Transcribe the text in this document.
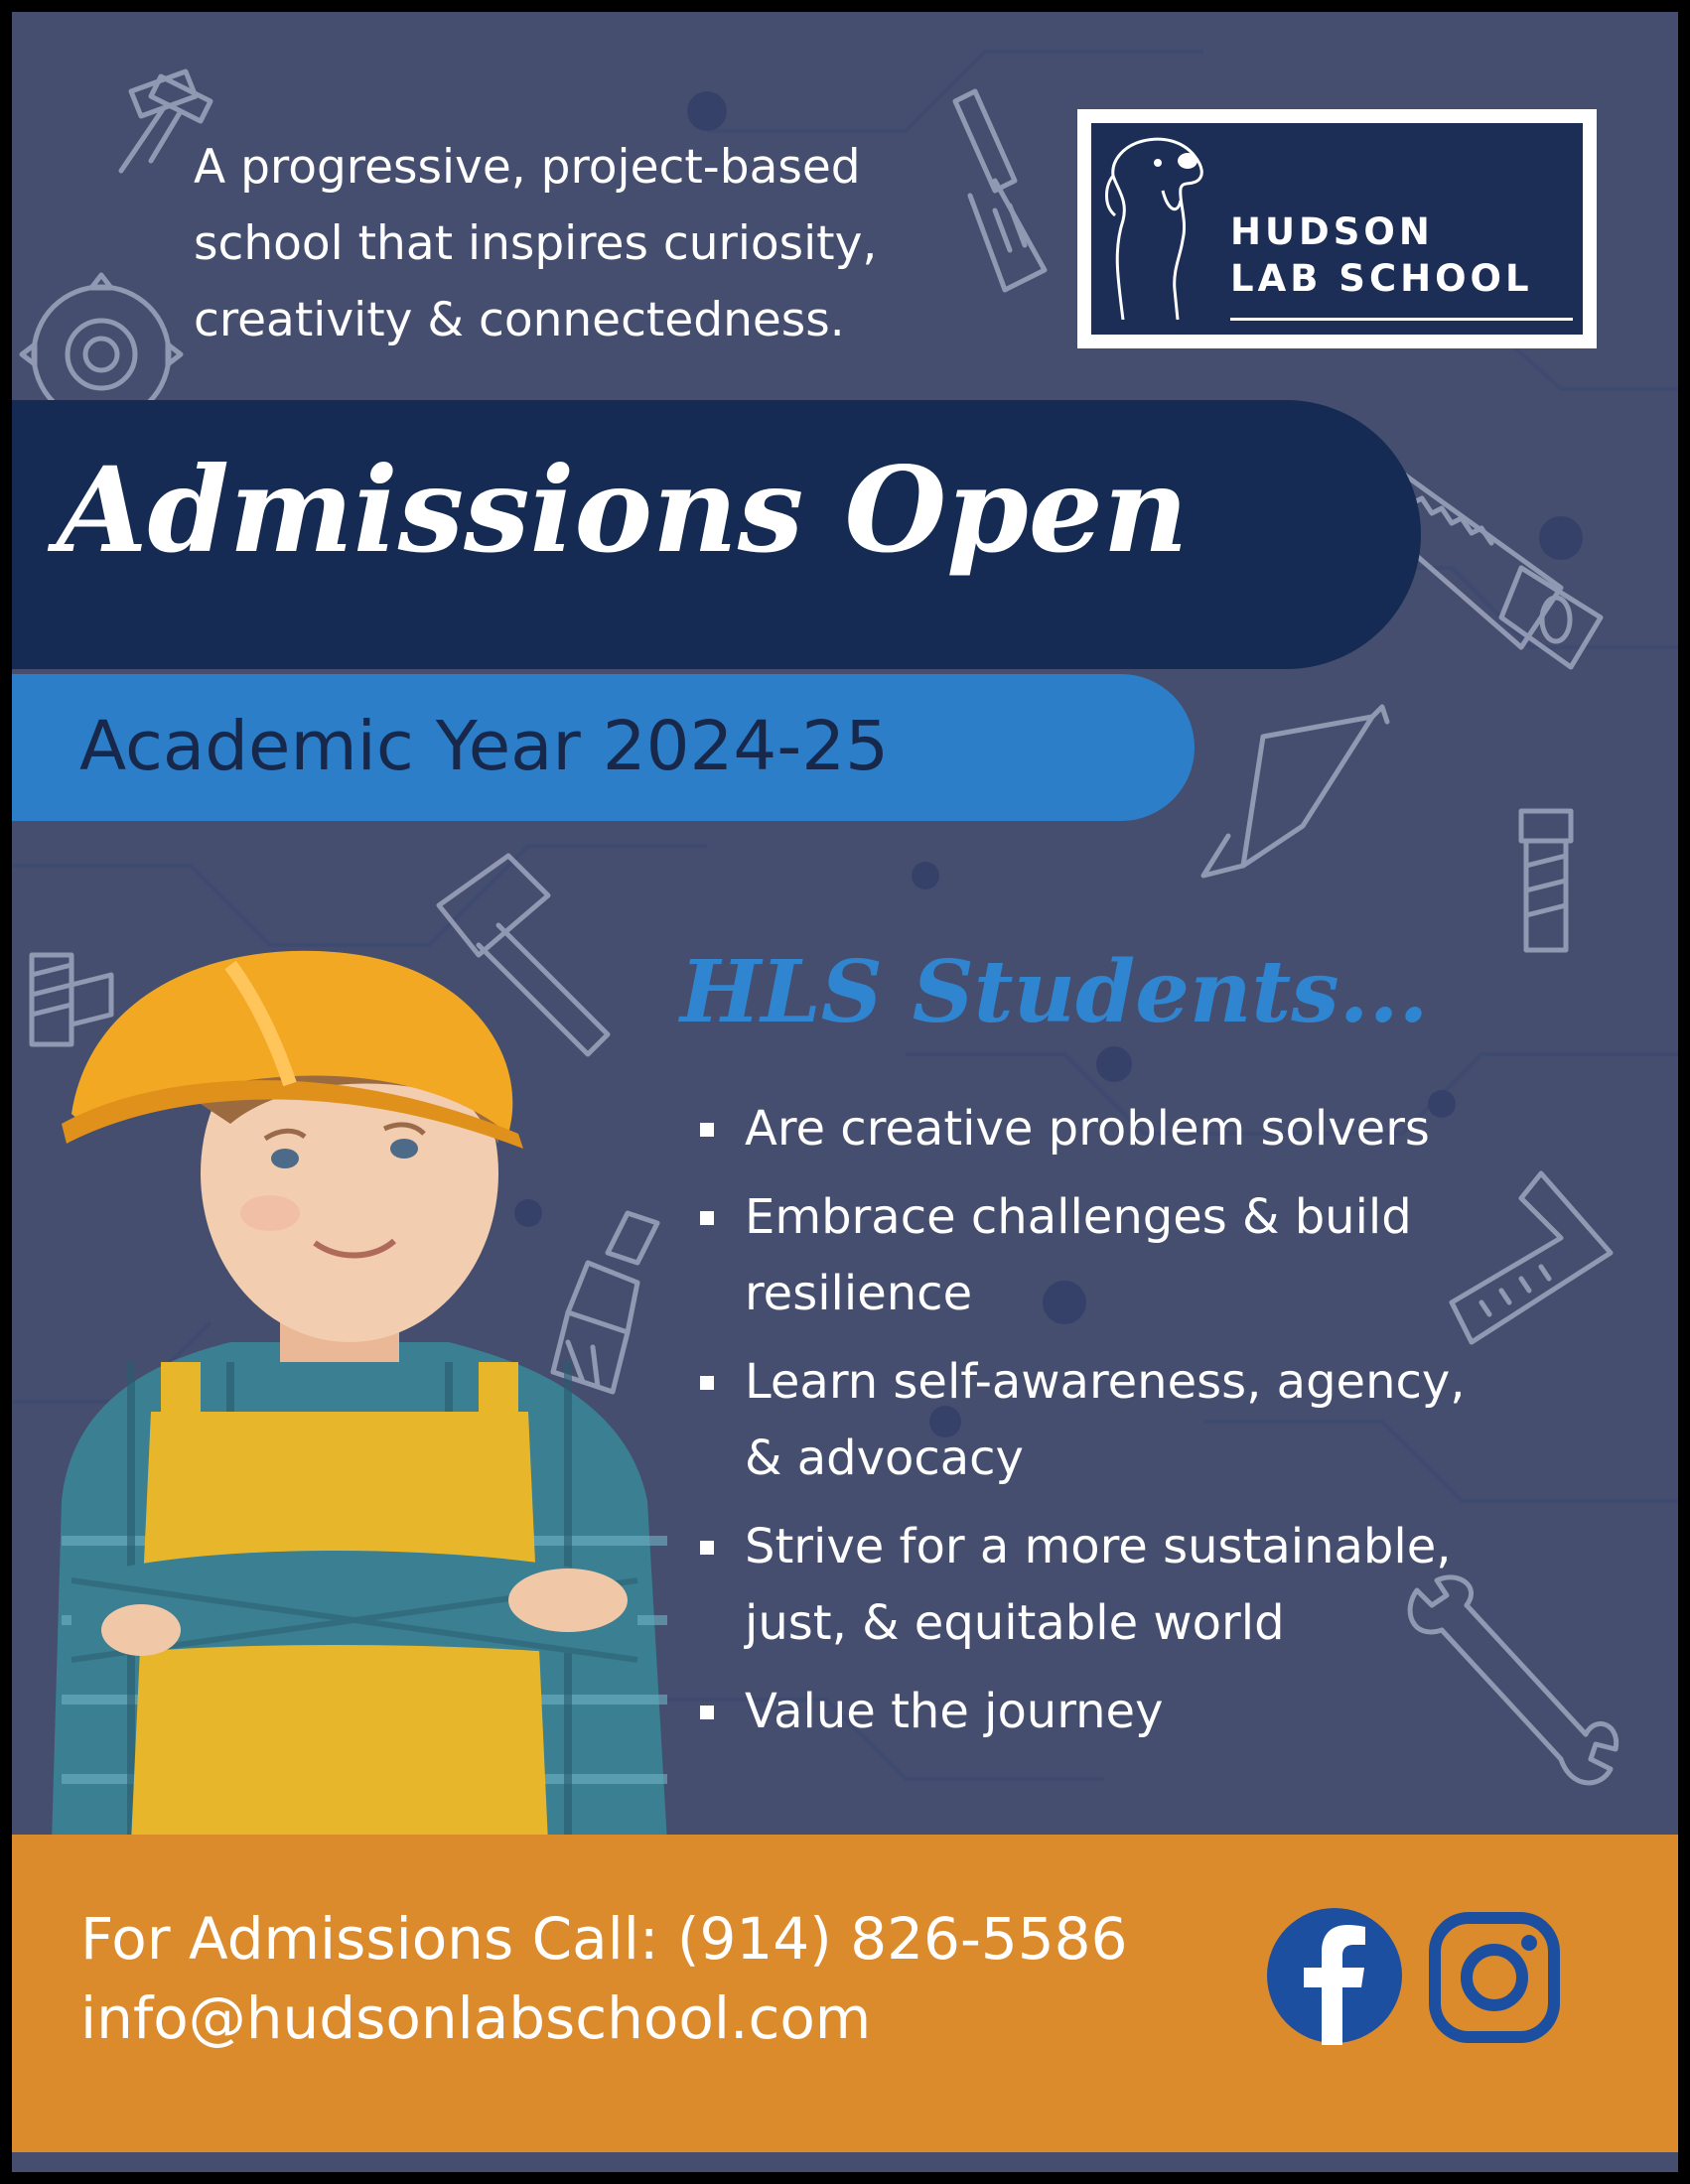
A progressive, project-based
school that inspires curiosity,
creativity & connectedness.
HUDSON
LAB SCHOOL
Admissions Open
Academic Year 2024-25
HLS Students...
Are creative problem solvers
Embrace challenges & build
resilience
Learn self-awareness, agency,
& advocacy
Strive for a more sustainable,
just, & equitable world
Value the journey
For Admissions Call: (914) 826-5586
info@hudsonlabschool.com
